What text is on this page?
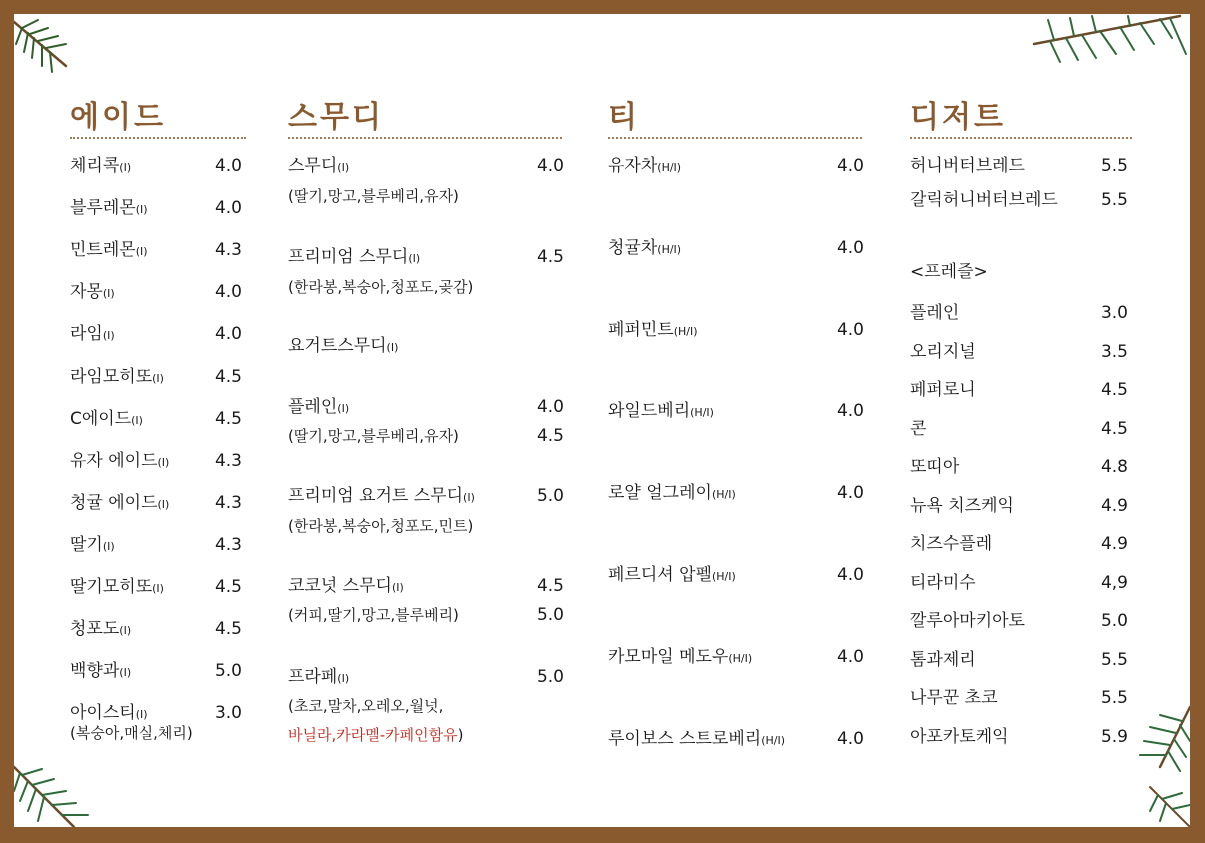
에이드
체리콕(I)	4.0
블루레몬(I)	4.0
민트레몬(I)	4.3
자몽(I)	4.0
라임(I)	4.0
라임모히또(I)	4.5
C에이드(I)	4.5
유자 에이드(I)	4.3
청귤 에이드(I)	4.3
딸기(I)	4.3
딸기모히또(I)	4.5
청포도(I)	4.5
백향과(I)	5.0
아이스티(I)	3.0
(복숭아,매실,체리)
스무디
스무디(I)	4.0
(딸기,망고,블루베리,유자)
프리미엄 스무디(I)	4.5
(한라봉,복숭아,청포도,곶감)
요거트스무디(I)
플레인(I)	4.0
(딸기,망고,블루베리,유자)	4.5
프리미엄 요거트 스무디(I)	5.0
(한라봉,복숭아,청포도,민트)
코코넛 스무디(I)	4.5
(커피,딸기,망고,블루베리)	5.0
프라페(I)	5.0
(초코,말차,오레오,월넛,
바닐라,카라멜-카페인함유)
티
유자차(H/I)	4.0
청귤차(H/I)	4.0
페퍼민트(H/I)	4.0
와일드베리(H/I)	4.0
로얄 얼그레이(H/I)	4.0
페르디셔 압펠(H/I)	4.0
카모마일 메도우(H/I)	4.0
루이보스 스트로베리(H/I)	4.0
디저트
허니버터브레드	5.5
갈릭허니버터브레드	5.5
<프레즐>
플레인	3.0
오리지널	3.5
페퍼로니	4.5
콘	4.5
또띠아	4.8
뉴욕 치즈케익	4.9
치즈수플레	4.9
티라미수	4,9
깔루아마키아토	5.0
톰과제리	5.5
나무꾼 초코	5.5
아포카토케익	5.9
